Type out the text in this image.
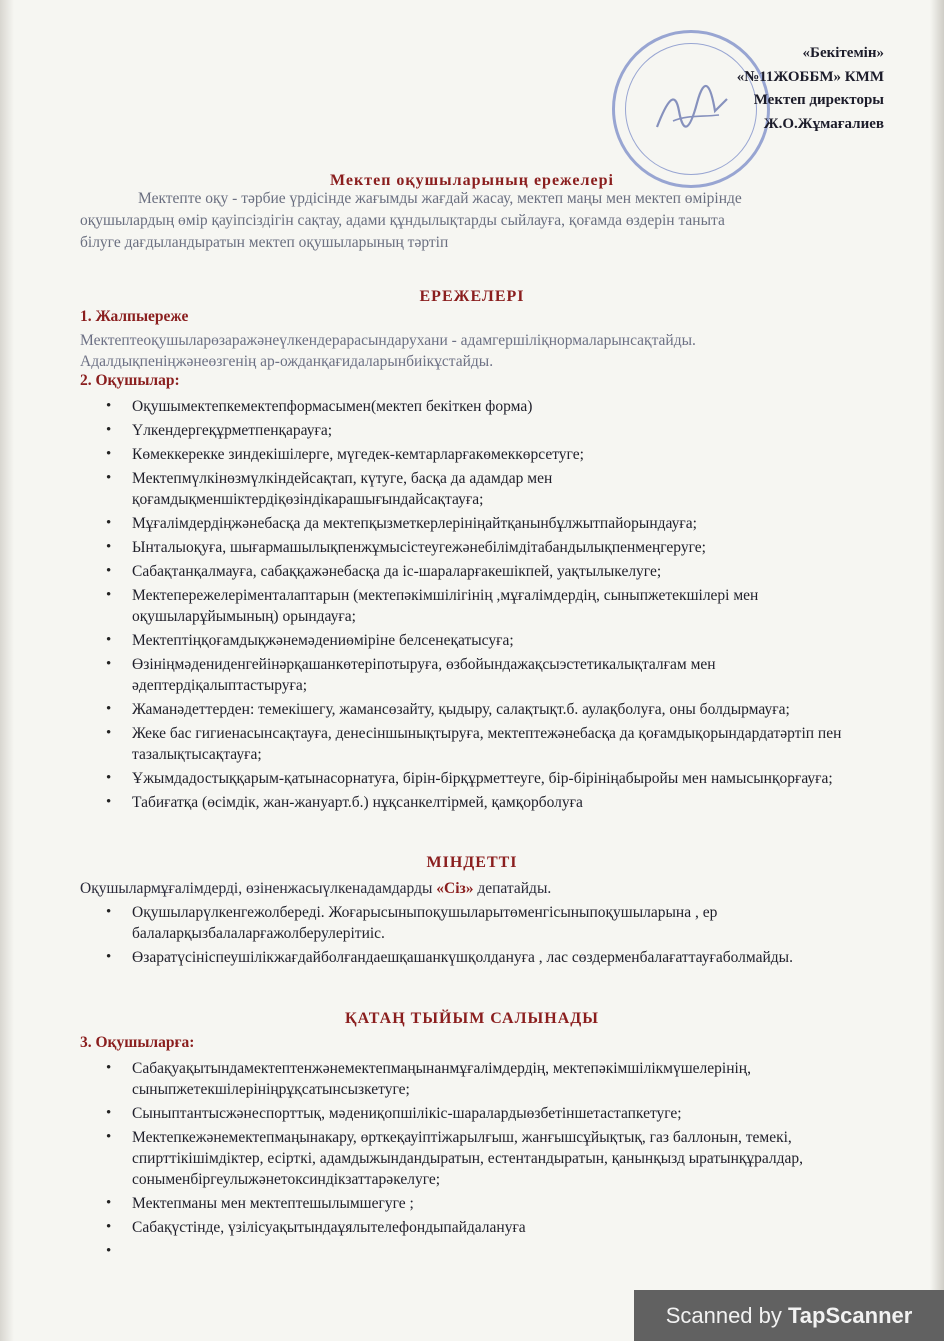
«Бекітемін»
«№11ЖОББМ» КММ
Мектеп директоры
Ж.О.Жұмағалиев
Мектеп оқушыларының ережелері
Мектепте оқу - тәрбие үрдісінде жағымды жағдай жасау, мектеп маңы мен мектеп өмірінде
оқушылардың өмір қауіпсіздігін сақтау, адами құндылықтарды сыйлауға, қоғамда өздерін таныта
білуге дағдыландыратын мектеп оқушыларының тәртіп
ЕРЕЖЕЛЕРІ
1. Жалпыереже
Мектептеоқушыларөзаражәнеүлкендерарасындарухани - адамгершіліқнормаларынсақтайды.
Адалдықпеніңжәнеөзгенің ар-ожданқағидаларынбиікұстайды.
2. Оқушылар:
• Оқушымектепкемектепформасымен(мектеп бекіткен форма)
• Үлкендергеқұрметпенқарауға;
• Көмеккерекке зиндекішілерге, мүгедек-кемтарларғакөмеккөрсетуге;
• Мектепмүлкінөзмүлкіндейсақтап, күтуге, басқа да адамдар мен қоғамдықменшіктердіқөзіндікарашығындайсақтауға;
• Мұғалімдердіңжәнебасқа да мектепқызметкерлерініңайтқанынбұлжытпайорындауға;
• Ынталыоқуға, шығармашылықпенжұмысістеугежәнебілімдітабандылықпенмеңгеруге;
• Сабақтанқалмауға, сабаққажәнебасқа да іс-шараларғакешікпей, уақтылыкелуге;
• Мектепережелеріменталаптарын (мектепәкімшілігінің ,мұғалімдердің, сыныпжетекшілері мен оқушыларұйымының) орындауға;
• Мектептіңқоғамдықжәнемәдениөміріне белсенеқатысуға;
• Өзініңмәдениденгейінәрқашанкөтеріпотыруға, өзбойындажақсыэстетикалықталғам мен әдептердіқалыптастыруға;
• Жаманәдеттерден: темекішегу, жамансөзайту, қыдыру, салақтықт.б. аулақболуға, оны болдырмауға;
• Жеке бас гигиенасынсақтауға, денесіншынықтыруға, мектептежәнебасқа да қоғамдықорындардатәртіп пен тазалықтысақтауға;
• Ұжымдадостыққарым-қатынасорнатуға, бірін-бірқұрметтеуге, бір-бірініңабыройы мен намысынқорғауға;
• Табиғатқа (өсімдік, жан-жануарт.б.) нұқсанкелтірмей, қамқорболуға
МІНДЕТТІ
Оқушылармұғалімдерді, өзіненжасыүлкенадамдарды «Сіз» депатайды.
• Оқушыларүлкенгежолбереді. Жоғарысыныпоқушыларытөменгісыныпоқушыларына , ер балаларқызбалаларғажолберулерітиіс.
• Өзаратүсініспеушілікжағдайболғандаешқашанкүшқолдануға , лас сөздерменбалағаттауғаболмайды.
ҚАТАҢ ТЫЙЫМ САЛЫНАДЫ
3. Оқушыларға:
• Сабақуақытындамектептенжәнемектепмаңынанмұғалімдердің, мектепәкімшілікмүшелерінің, сыныпжетекшілерініңрұқсатынсызкетуге;
• Сыныптантысжәнеспорттық, мәдениқопшілікіс-шаралардыөзбетіншетастапкетуге;
• Мектепкежәнемектепмаңынакару, өрткеқауіптіжарылғыш, жанғышсұйықтық, газ баллонын, темекі, спирттікішімдіктер, есірткі, адамдыжындандыратын, естентандыратын, қанынқызд ыратынқұралдар, соныменбіргеулыжәнетоксиндікзаттарәкелуге;
• Мектепманы мен мектептешылымшегуге ;
• Сабақүстінде, үзілісуақытындаұялытелефондыпайдалануға
•
Scanned by TapScanner
